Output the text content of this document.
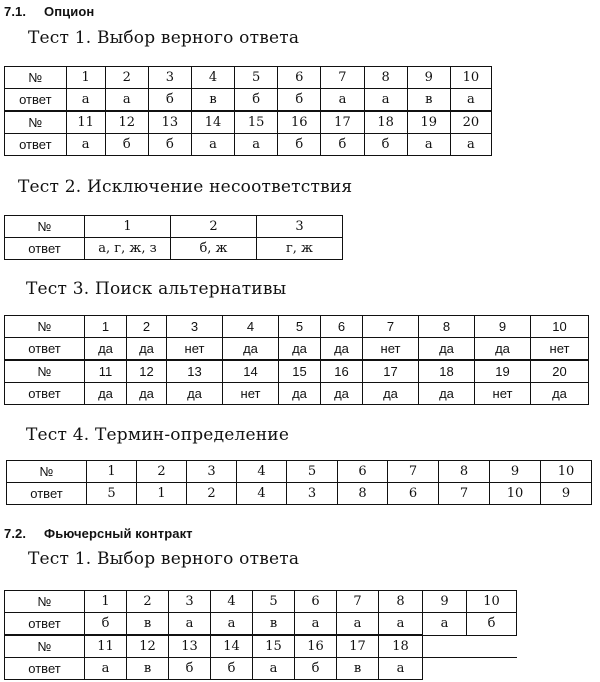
7.1. Опцион
Тест 1. Выбор верного ответа
№	1	2	3	4	5	6	7	8	9	10
ответ	а	а	б	в	б	б	а	а	в	а
№	11	12	13	14	15	16	17	18	19	20
ответ	а	б	б	а	а	б	б	б	а	а
Тест 2. Исключение несоответствия
№	1	2	3
ответ	а, г, ж, з	б, ж	г, ж
Тест 3. Поиск альтернативы
№	1	2	3	4	5	6	7	8	9	10
ответ	да	да	нет	да	да	да	нет	да	да	нет
№	11	12	13	14	15	16	17	18	19	20
ответ	да	да	да	нет	да	да	да	да	нет	да
Тест 4. Термин-определение
№	1	2	3	4	5	6	7	8	9	10
ответ	5	1	2	4	3	8	6	7	10	9
7.2. Фьючерсный контракт
Тест 1. Выбор верного ответа
№	1	2	3	4	5	6	7	8	9	10
ответ	б	в	а	а	в	а	а	а	а	б
№	11	12	13	14	15	16	17	18		
ответ	а	в	б	б	а	б	в	а		
